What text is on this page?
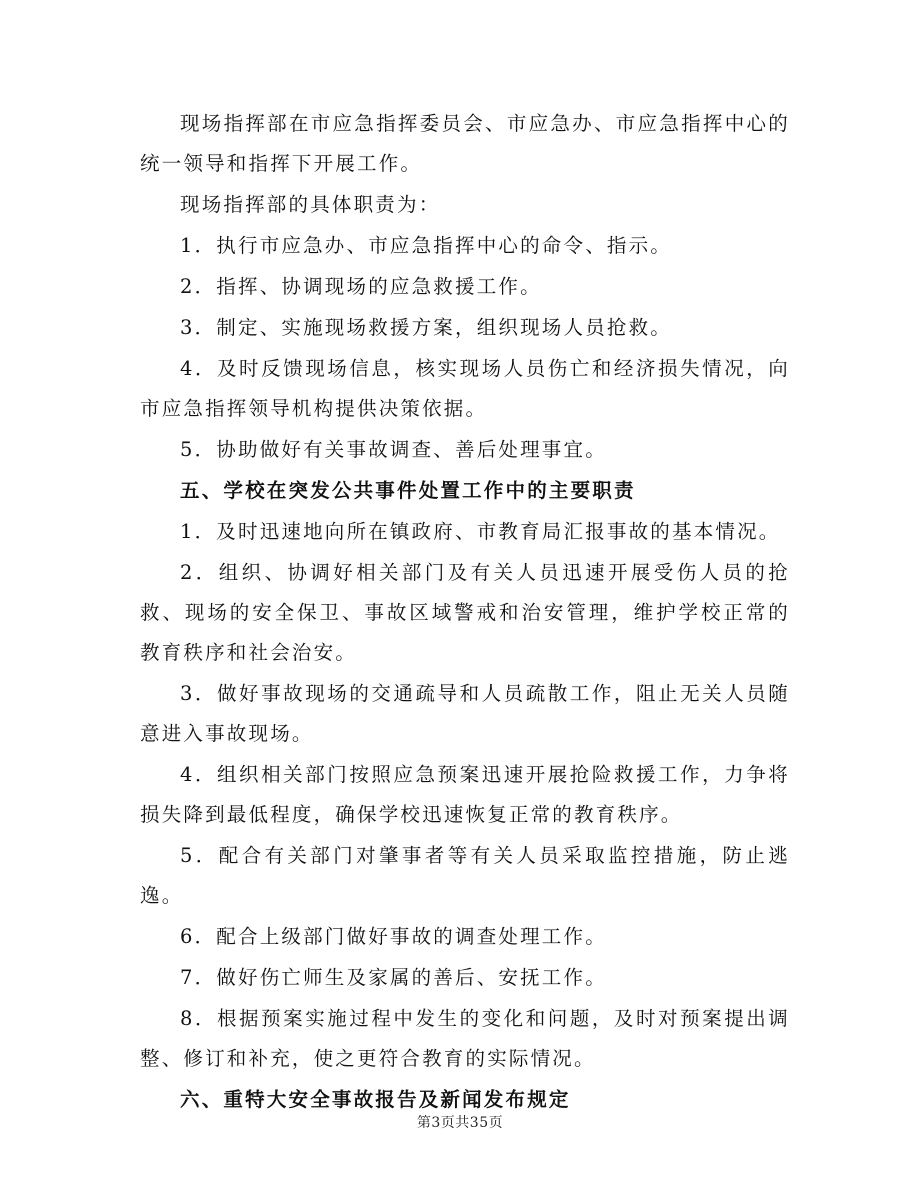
现场指挥部在市应急指挥委员会、市应急办、市应急指挥中心的统一领导和指挥下开展工作。

现场指挥部的具体职责为：

1．执行市应急办、市应急指挥中心的命令、指示。

2．指挥、协调现场的应急救援工作。

3．制定、实施现场救援方案，组织现场人员抢救。

4．及时反馈现场信息，核实现场人员伤亡和经济损失情况，向市应急指挥领导机构提供决策依据。

5．协助做好有关事故调查、善后处理事宜。

五、学校在突发公共事件处置工作中的主要职责

1．及时迅速地向所在镇政府、市教育局汇报事故的基本情况。

2．组织、协调好相关部门及有关人员迅速开展受伤人员的抢救、现场的安全保卫、事故区域警戒和治安管理，维护学校正常的教育秩序和社会治安。

3．做好事故现场的交通疏导和人员疏散工作，阻止无关人员随意进入事故现场。

4．组织相关部门按照应急预案迅速开展抢险救援工作，力争将损失降到最低程度，确保学校迅速恢复正常的教育秩序。

5．配合有关部门对肇事者等有关人员采取监控措施，防止逃逸。

6．配合上级部门做好事故的调查处理工作。

7．做好伤亡师生及家属的善后、安抚工作。

8．根据预案实施过程中发生的变化和问题，及时对预案提出调整、修订和补充，使之更符合教育的实际情况。

六、重特大安全事故报告及新闻发布规定

第3页共35页
